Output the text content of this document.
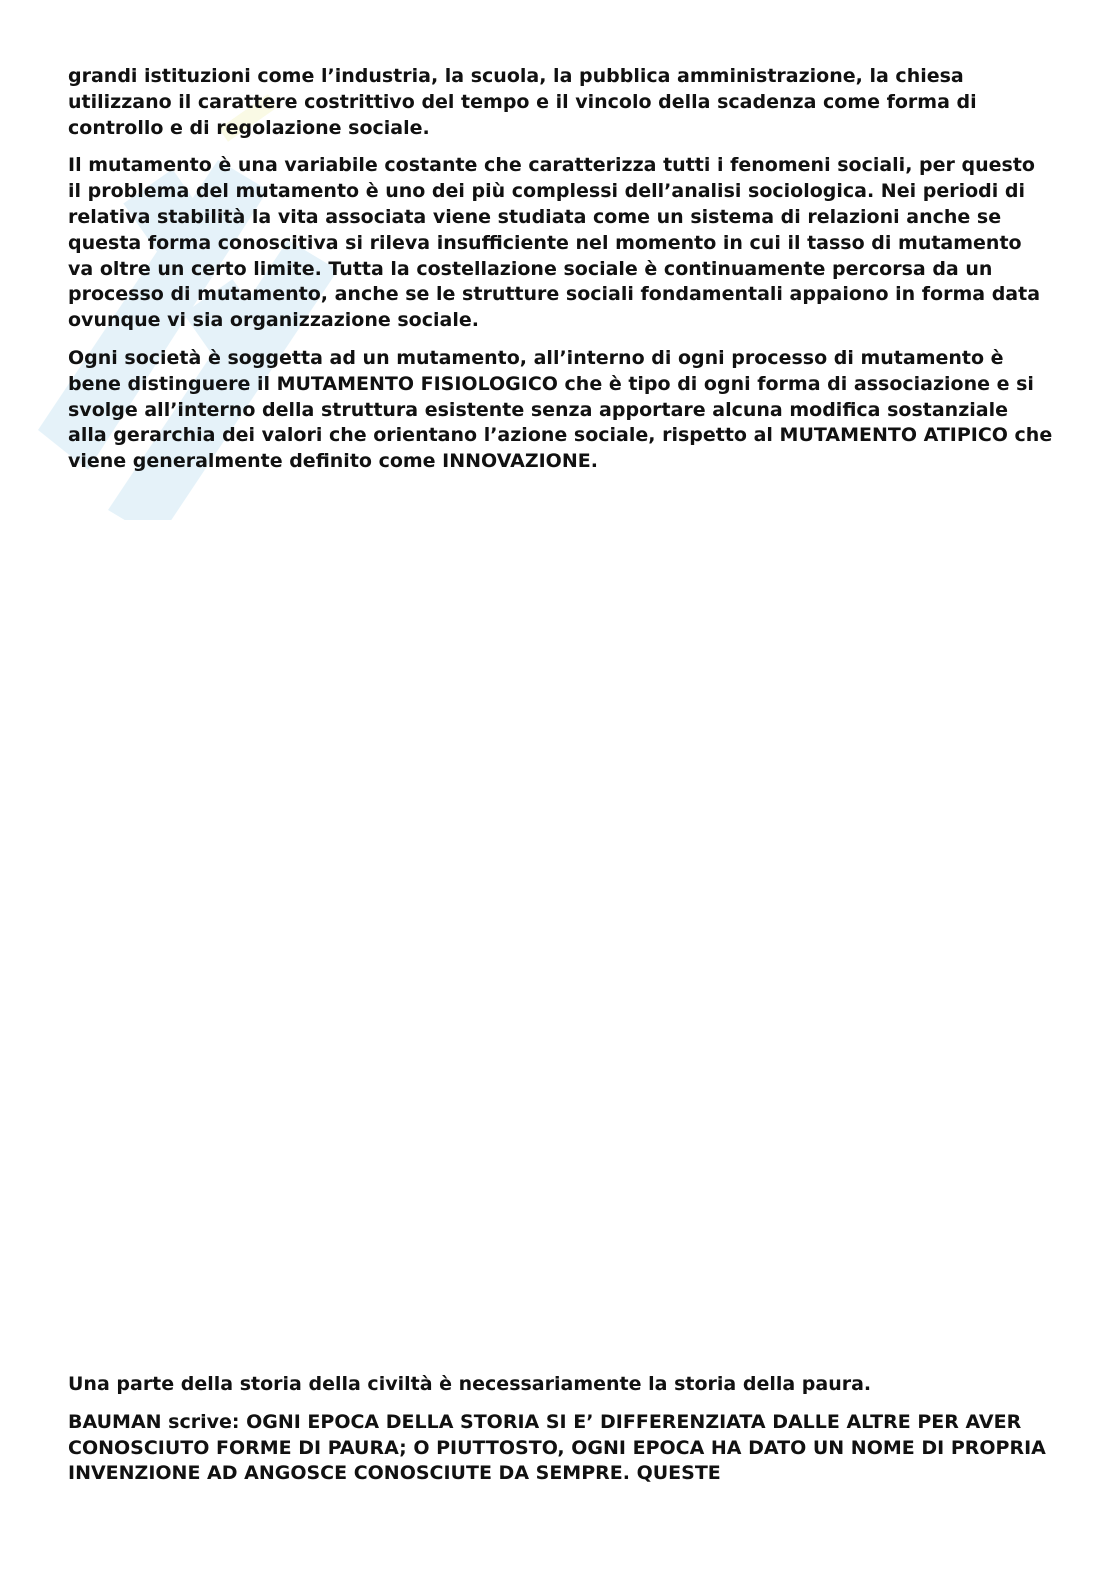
grandi istituzioni come l’industria, la scuola, la pubblica amministrazione, la chiesa utilizzano il carattere costrittivo del tempo e il vincolo della scadenza come forma di controllo e di regolazione sociale.

Il mutamento è una variabile costante che caratterizza tutti i fenomeni sociali, per questo il problema del mutamento è uno dei più complessi dell’analisi sociologica. Nei periodi di relativa stabilità la vita associata viene studiata come un sistema di relazioni anche se questa forma conoscitiva si rileva insufficiente nel momento in cui il tasso di mutamento va oltre un certo limite. Tutta la costellazione sociale è continuamente percorsa da un processo di mutamento, anche se le strutture sociali fondamentali appaiono in forma data ovunque vi sia organizzazione sociale.

Ogni società è soggetta ad un mutamento, all’interno di ogni processo di mutamento è bene distinguere il MUTAMENTO FISIOLOGICO che è tipo di ogni forma di associazione e si svolge all’interno della struttura esistente senza apportare alcuna modifica sostanziale alla gerarchia dei valori che orientano l’azione sociale, rispetto al MUTAMENTO ATIPICO che viene generalmente definito come INNOVAZIONE.

Una parte della storia della civiltà è necessariamente la storia della paura.

BAUMAN scrive: OGNI EPOCA DELLA STORIA SI E’ DIFFERENZIATA DALLE ALTRE PER AVER CONOSCIUTO FORME DI PAURA; O PIUTTOSTO, OGNI EPOCA HA DATO UN NOME DI PROPRIA INVENZIONE AD ANGOSCE CONOSCIUTE DA SEMPRE. QUESTE
